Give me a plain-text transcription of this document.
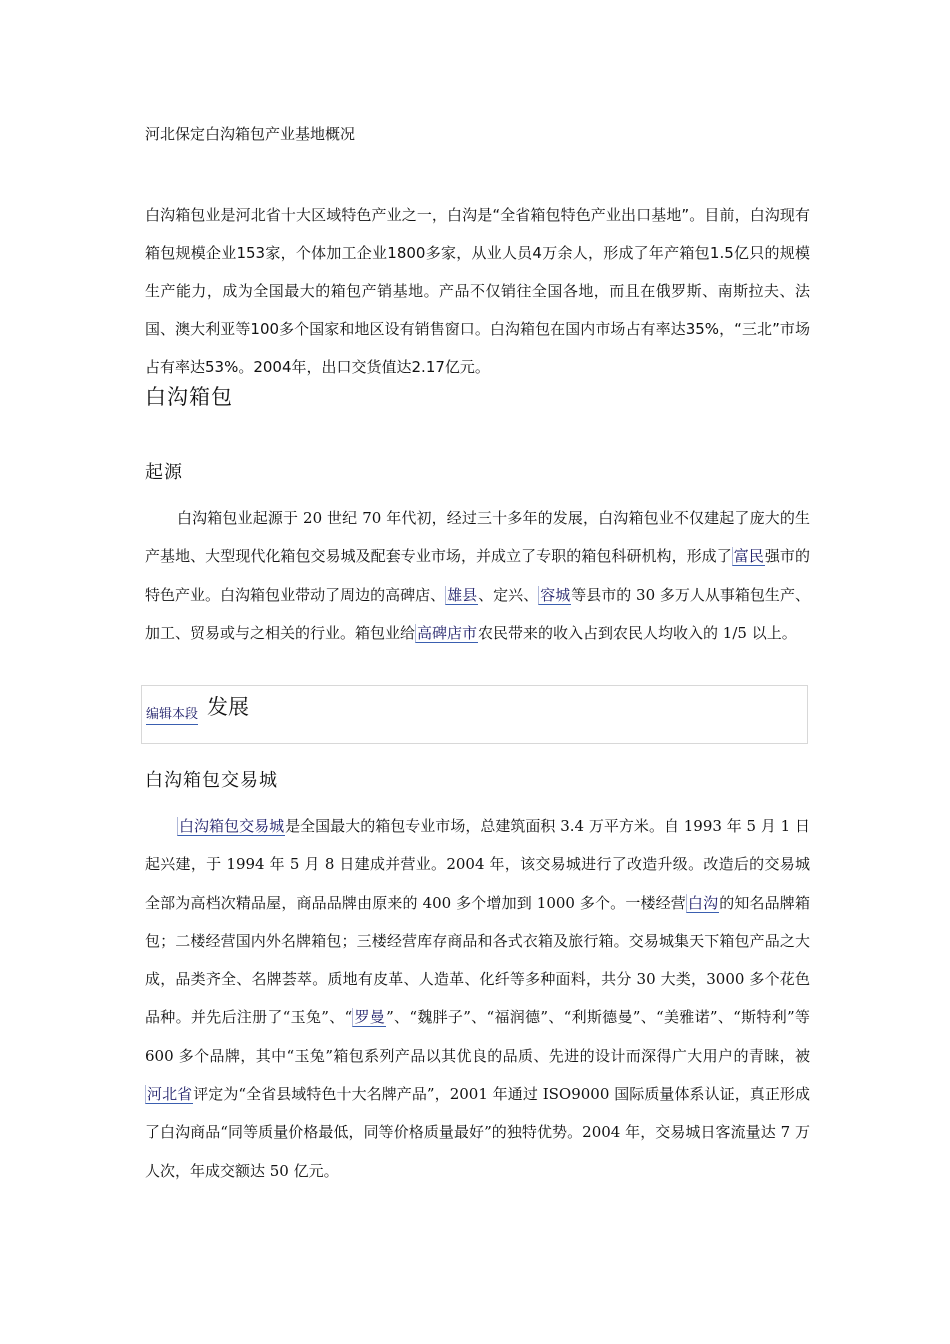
河北保定白沟箱包产业基地概况
白沟箱包业是河北省十大区域特色产业之一，白沟是“全省箱包特色产业出口基地”。目前，白沟现有箱包规模企业153家，个体加工企业1800多家，从业人员4万余人，形成了年产箱包1.5亿只的规模生产能力，成为全国最大的箱包产销基地。产品不仅销往全国各地，而且在俄罗斯、南斯拉夫、法国、澳大利亚等100多个国家和地区设有销售窗口。白沟箱包在国内市场占有率达35%，“三北”市场占有率达53%。2004年，出口交货值达2.17亿元。
白沟箱包
起源
白沟箱包业起源于 20 世纪 70 年代初，经过三十多年的发展，白沟箱包业不仅建起了庞大的生产基地、大型现代化箱包交易城及配套专业市场，并成立了专职的箱包科研机构，形成了 富民强市的特色产业。白沟箱包业带动了周边的高碑店、 雄县、定兴、 容城等县市的 30 多万人从事箱包生产、加工、贸易或与之相关的行业。箱包业给 高碑店市农民带来的收入占到农民人均收入的 1/5 以上。
编辑本段 发展
白沟箱包交易城
白沟箱包交易城是全国最大的箱包专业市场，总建筑面积 3.4 万平方米。自 1993 年 5 月 1 日起兴建，于 1994 年 5 月 8 日建成并营业。2004 年，该交易城进行了改造升级。改造后的交易城全部为高档次精品屋，商品品牌由原来的 400 多个增加到 1000 多个。一楼经营 白沟的知名品牌箱包；二楼经营国内外名牌箱包；三楼经营库存商品和各式衣箱及旅行箱。交易城集天下箱包产品之大成，品类齐全、名牌荟萃。质地有皮革、人造革、化纤等多种面料，共分 30 大类，3000 多个花色品种。并先后注册了“玉兔”、“ 罗曼”、“魏胖子”、“福润德”、“利斯德曼”、“美雅诺”、“斯特利”等 600 多个品牌，其中“玉兔”箱包系列产品以其优良的品质、先进的设计而深得广大用户的青睐，被河北省评定为“全省县域特色十大名牌产品”，2001 年通过 ISO9000 国际质量体系认证，真正形成了白沟商品“同等质量价格最低，同等价格质量最好”的独特优势。2004 年，交易城日客流量达 7 万人次，年成交额达 50 亿元。
